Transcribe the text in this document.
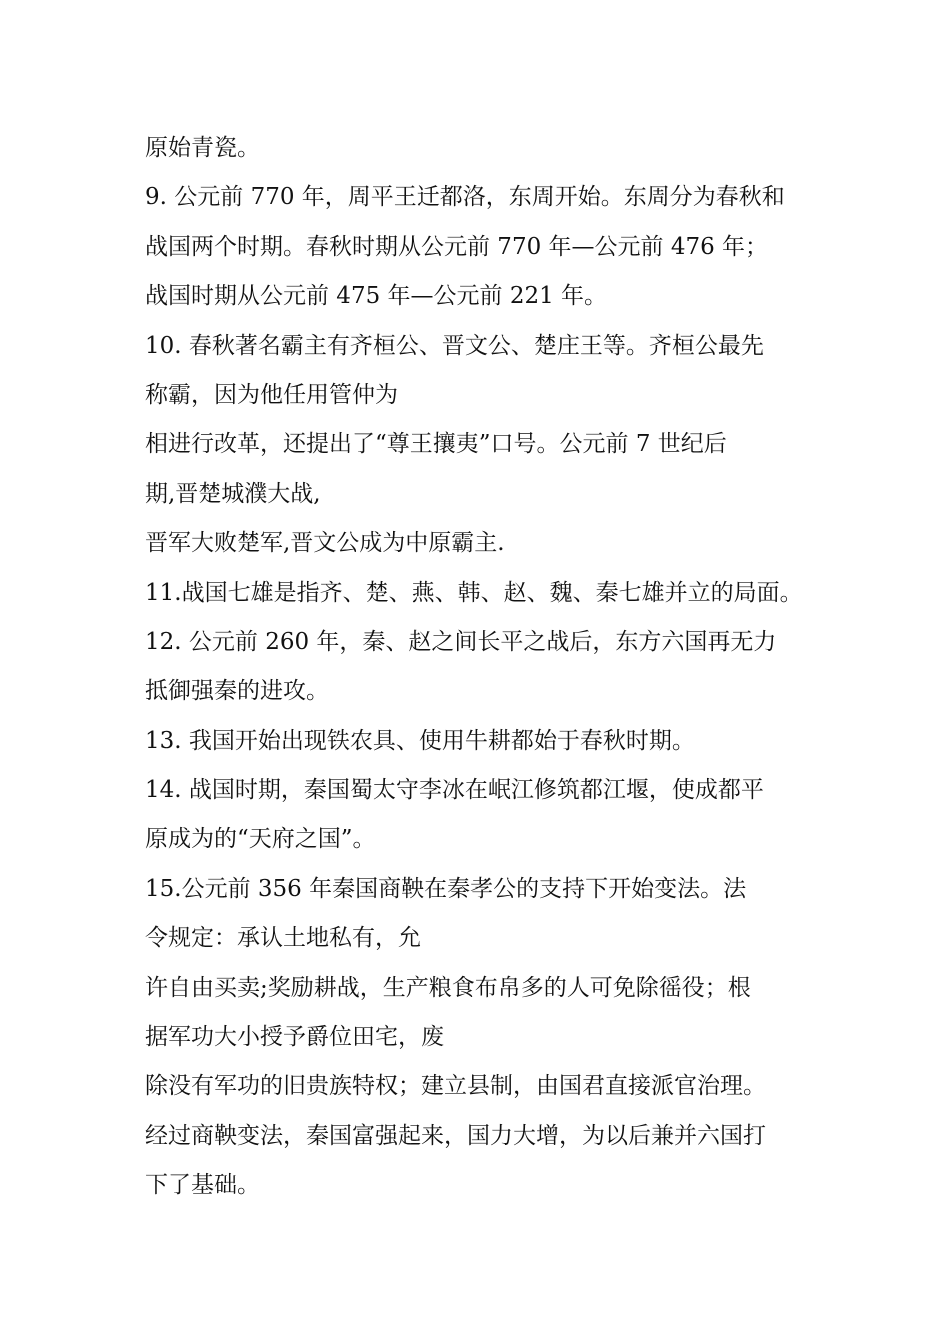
原始青瓷。
9. 公元前 770 年，周平王迁都洛，东周开始。东周分为春秋和
战国两个时期。春秋时期从公元前 770 年—公元前 476 年；
战国时期从公元前 475 年—公元前 221 年。
10. 春秋著名霸主有齐桓公、晋文公、楚庄王等。齐桓公最先
称霸，因为他任用管仲为
相进行改革，还提出了“尊王攘夷”口号。公元前 7 世纪后
期,晋楚城濮大战,
晋军大败楚军,晋文公成为中原霸主.
11.战国七雄是指齐、楚、燕、韩、赵、魏、秦七雄并立的局面。
12. 公元前 260 年，秦、赵之间长平之战后，东方六国再无力
抵御强秦的进攻。
13. 我国开始出现铁农具、使用牛耕都始于春秋时期。
14. 战国时期，秦国蜀太守李冰在岷江修筑都江堰，使成都平
原成为的“天府之国”。
15.公元前 356 年秦国商鞅在秦孝公的支持下开始变法。法
令规定：承认土地私有，允
许自由买卖;奖励耕战，生产粮食布帛多的人可免除徭役；根
据军功大小授予爵位田宅，废
除没有军功的旧贵族特权；建立县制，由国君直接派官治理。
经过商鞅变法，秦国富强起来，国力大增，为以后兼并六国打
下了基础。
